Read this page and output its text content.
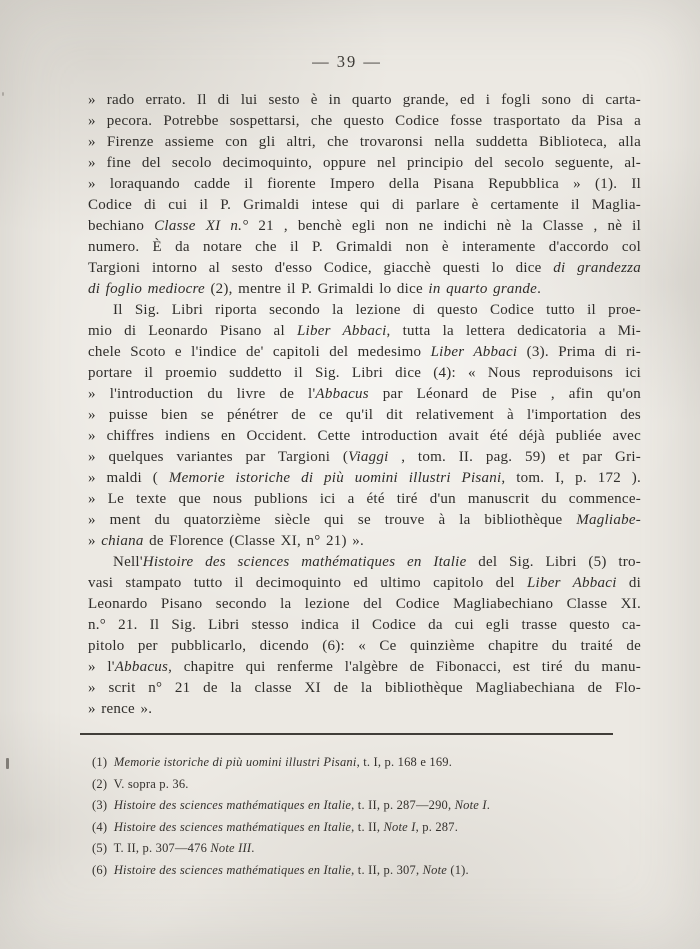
— 39 —
» rado errato. Il di lui sesto è in quarto grande, ed i fogli sono di carta-
» pecora. Potrebbe sospettarsi, che questo Codice fosse trasportato da Pisa a
» Firenze assieme con gli altri, che trovaronsi nella suddetta Biblioteca, alla
» fine del secolo decimoquinto, oppure nel principio del secolo seguente, al-
» loraquando cadde il fiorente Impero della Pisana Repubblica » (1). Il
Codice di cui il P. Grimaldi intese qui di parlare è certamente il Maglia-
bechiano Classe XI n.° 21 , benchè egli non ne indichi nè la Classe , nè il
numero. È da notare che il P. Grimaldi non è interamente d'accordo col
Targioni intorno al sesto d'esso Codice, giacchè questi lo dice di grandezza
di foglio mediocre (2), mentre il P. Grimaldi lo dice in quarto grande.
Il Sig. Libri riporta secondo la lezione di questo Codice tutto il proe-
mio di Leonardo Pisano al Liber Abbaci, tutta la lettera dedicatoria a Mi-
chele Scoto e l'indice de' capitoli del medesimo Liber Abbaci (3). Prima di ri-
portare il proemio suddetto il Sig. Libri dice (4): « Nous reproduisons ici
» l'introduction du livre de l'Abbacus par Léonard de Pise , afin qu'on
» puisse bien se pénétrer de ce qu'il dit relativement à l'importation des
» chiffres indiens en Occident. Cette introduction avait été déjà publiée avec
» quelques variantes par Targioni (Viaggi , tom. II. pag. 59) et par Gri-
» maldi ( Memorie istoriche di più uomini illustri Pisani, tom. I, p. 172 ).
» Le texte que nous publions ici a été tiré d'un manuscrit du commence-
» ment du quatorzième siècle qui se trouve à la bibliothèque Magliabe-
» chiana de Florence (Classe XI, n° 21) ».
Nell'Histoire des sciences mathématiques en Italie del Sig. Libri (5) tro-
vasi stampato tutto il decimoquinto ed ultimo capitolo del Liber Abbaci di
Leonardo Pisano secondo la lezione del Codice Magliabechiano Classe XI.
n.° 21. Il Sig. Libri stesso indica il Codice da cui egli trasse questo ca-
pitolo per pubblicarlo, dicendo (6): « Ce quinzième chapitre du traité de
» l'Abbacus, chapitre qui renferme l'algèbre de Fibonacci, est tiré du manu-
» scrit n° 21 de la classe XI de la bibliothèque Magliabechiana de Flo-
» rence ».
(1)  Memorie istoriche di più uomini illustri Pisani, t. I, p. 168 e 169.
(2)  V. sopra p. 36.
(3)  Histoire des sciences mathématiques en Italie, t. II, p. 287—290, Note I.
(4)  Histoire des sciences mathématiques en Italie, t. II, Note I, p. 287.
(5)  T. II, p. 307—476 Note III.
(6)  Histoire des sciences mathématiques en Italie, t. II, p. 307, Note (1).
